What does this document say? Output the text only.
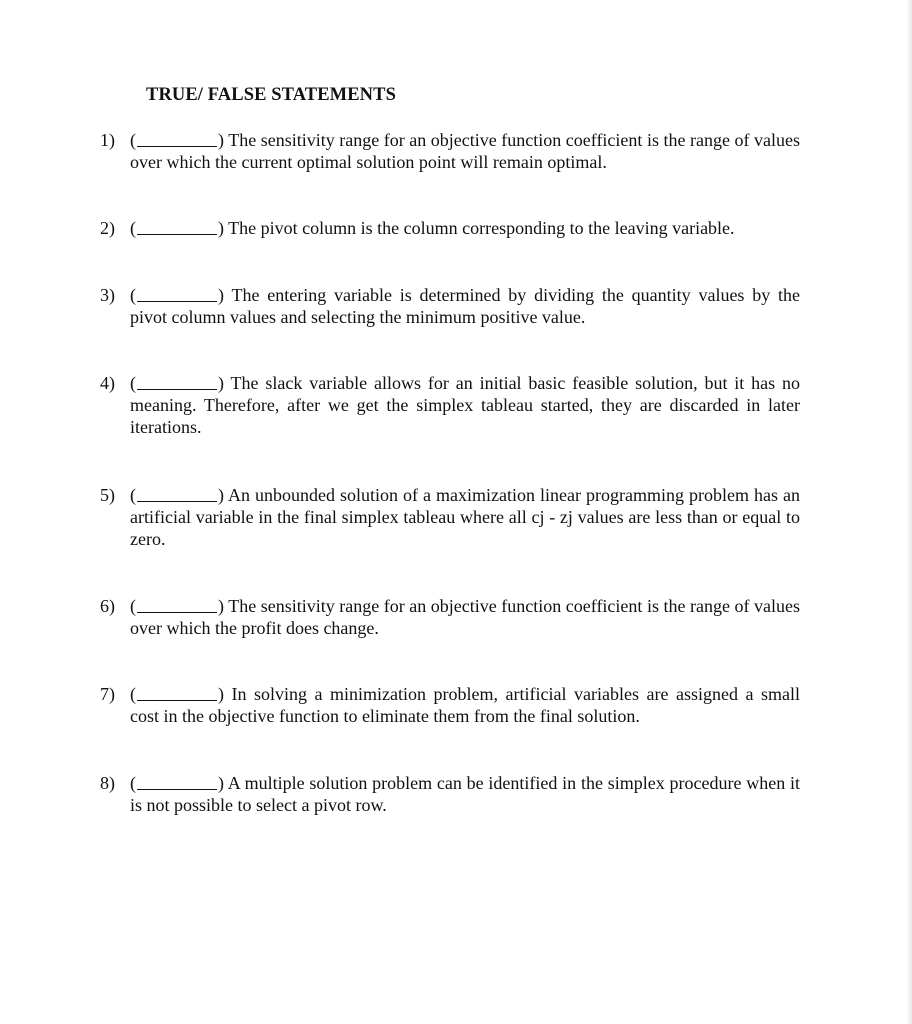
TRUE/ FALSE STATEMENTS
1) (	) The sensitivity range for an objective function coefficient is the range of values over which the current optimal solution point will remain optimal.
2) (	) The pivot column is the column corresponding to the leaving variable.
3) (	) The entering variable is determined by dividing the quantity values by the pivot column values and selecting the minimum positive value.
4) (	) The slack variable allows for an initial basic feasible solution, but it has no meaning. Therefore, after we get the simplex tableau started, they are discarded in later iterations.
5) (	) An unbounded solution of a maximization linear programming problem has an artificial variable in the final simplex tableau where all cj - zj values are less than or equal to zero.
6) (	) The sensitivity range for an objective function coefficient is the range of values over which the profit does change.
7) (	) In solving a minimization problem, artificial variables are assigned a small cost in the objective function to eliminate them from the final solution.
8) (	) A multiple solution problem can be identified in the simplex procedure when it is not possible to select a pivot row.
